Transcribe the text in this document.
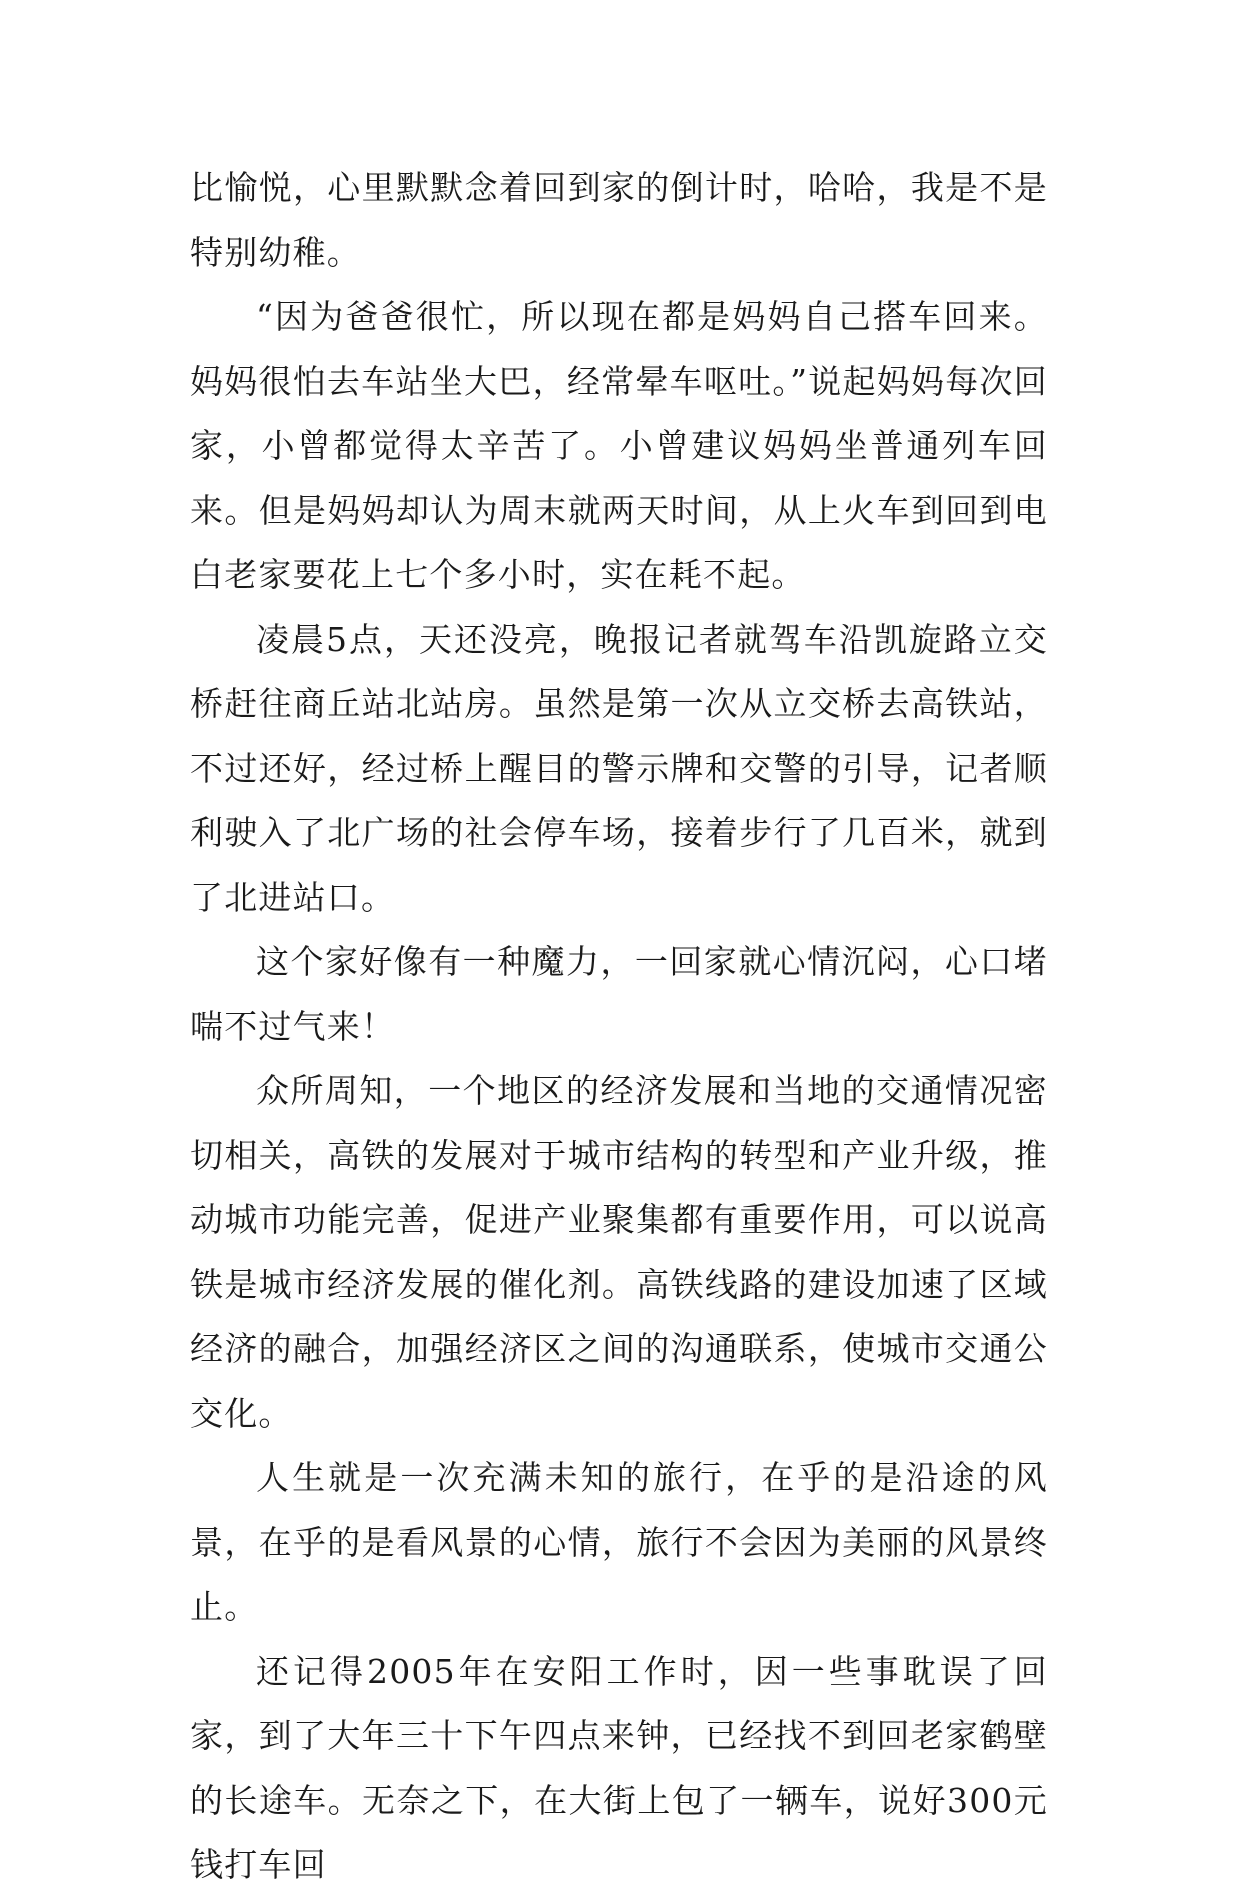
比愉悦，心里默默念着回到家的倒计时，哈哈，我是不是特别幼稚。

“因为爸爸很忙，所以现在都是妈妈自己搭车回来。妈妈很怕去车站坐大巴，经常晕车呕吐。”说起妈妈每次回家，小曾都觉得太辛苦了。小曾建议妈妈坐普通列车回来。但是妈妈却认为周末就两天时间，从上火车到回到电白老家要花上七个多小时，实在耗不起。

凌晨5点，天还没亮，晚报记者就驾车沿凯旋路立交桥赶往商丘站北站房。虽然是第一次从立交桥去高铁站，不过还好，经过桥上醒目的警示牌和交警的引导，记者顺利驶入了北广场的社会停车场，接着步行了几百米，就到了北进站口。

这个家好像有一种魔力，一回家就心情沉闷，心口堵喘不过气来！

众所周知，一个地区的经济发展和当地的交通情况密切相关，高铁的发展对于城市结构的转型和产业升级，推动城市功能完善，促进产业聚集都有重要作用，可以说高铁是城市经济发展的催化剂。高铁线路的建设加速了区域经济的融合，加强经济区之间的沟通联系，使城市交通公交化。

人生就是一次充满未知的旅行，在乎的是沿途的风景，在乎的是看风景的心情，旅行不会因为美丽的风景终止。

还记得2005年在安阳工作时，因一些事耽误了回家，到了大年三十下午四点来钟，已经找不到回老家鹤壁的长途车。无奈之下，在大街上包了一辆车，说好300元钱打车回
